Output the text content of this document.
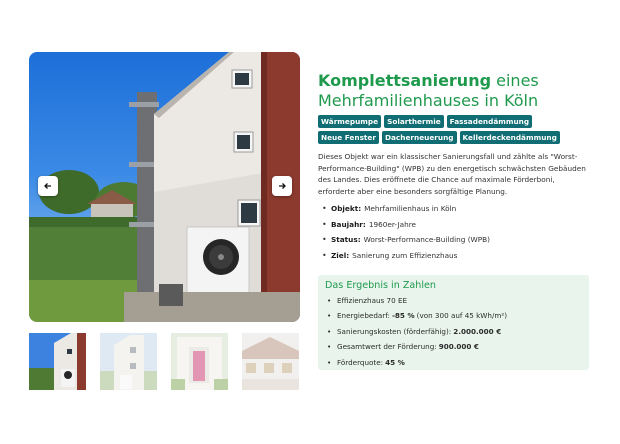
Komplettsanierung eines Mehrfamilienhauses in Köln
Wärmepumpe	Solarthermie	Fassadendämmung
Neue Fenster	Dacherneuerung	Kellerdeckendämmung

Dieses Objekt war ein klassischer Sanierungsfall und zählte als "Worst-Performance-Building" (WPB) zu den energetisch schwächsten Gebäuden des Landes. Dies eröffnete die Chance auf maximale Förderboni, erforderte aber eine besonders sorgfältige Planung.

• Objekt: Mehrfamilienhaus in Köln
• Baujahr: 1960er-Jahre
• Status: Worst-Performance-Building (WPB)
• Ziel: Sanierung zum Effizienzhaus
Das Ergebnis in Zahlen
• Effizienzhaus 70 EE
• Energiebedarf: -85 % (von 300 auf 45 kWh/m²)
• Sanierungskosten (förderfähig): 2.000.000 €
• Gesamtwert der Förderung: 900.000 €
• Förderquote: 45 %
